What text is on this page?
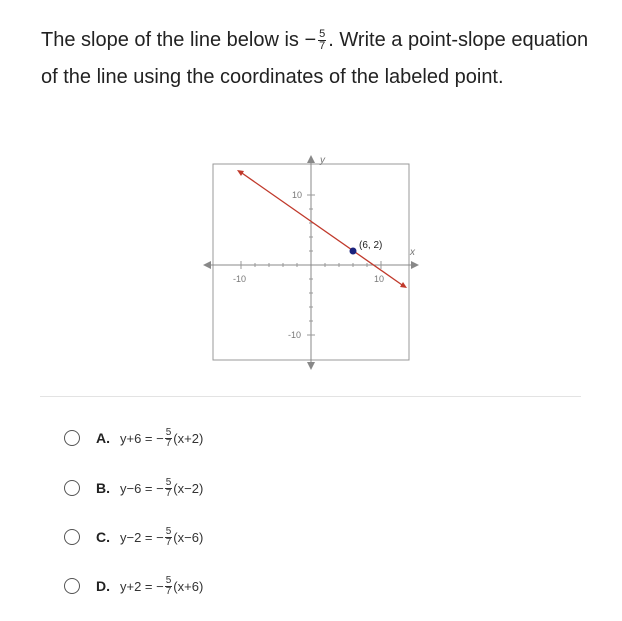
The slope of the line below is − $\frac{5}{7}$ . Write a point-slope equation of the line using the coordinates of the labeled point.
y
x
-10	10
10
-10
(6, 2)
A. y+6 = − $\frac{5}{7} (x+2)$
B. y−6 = − $\frac{5}{7} (x-2)$
C. y−2 = − $\frac{5}{7} (x-6)$
D. y+2 = − $\frac{5}{7} (x+6)$
